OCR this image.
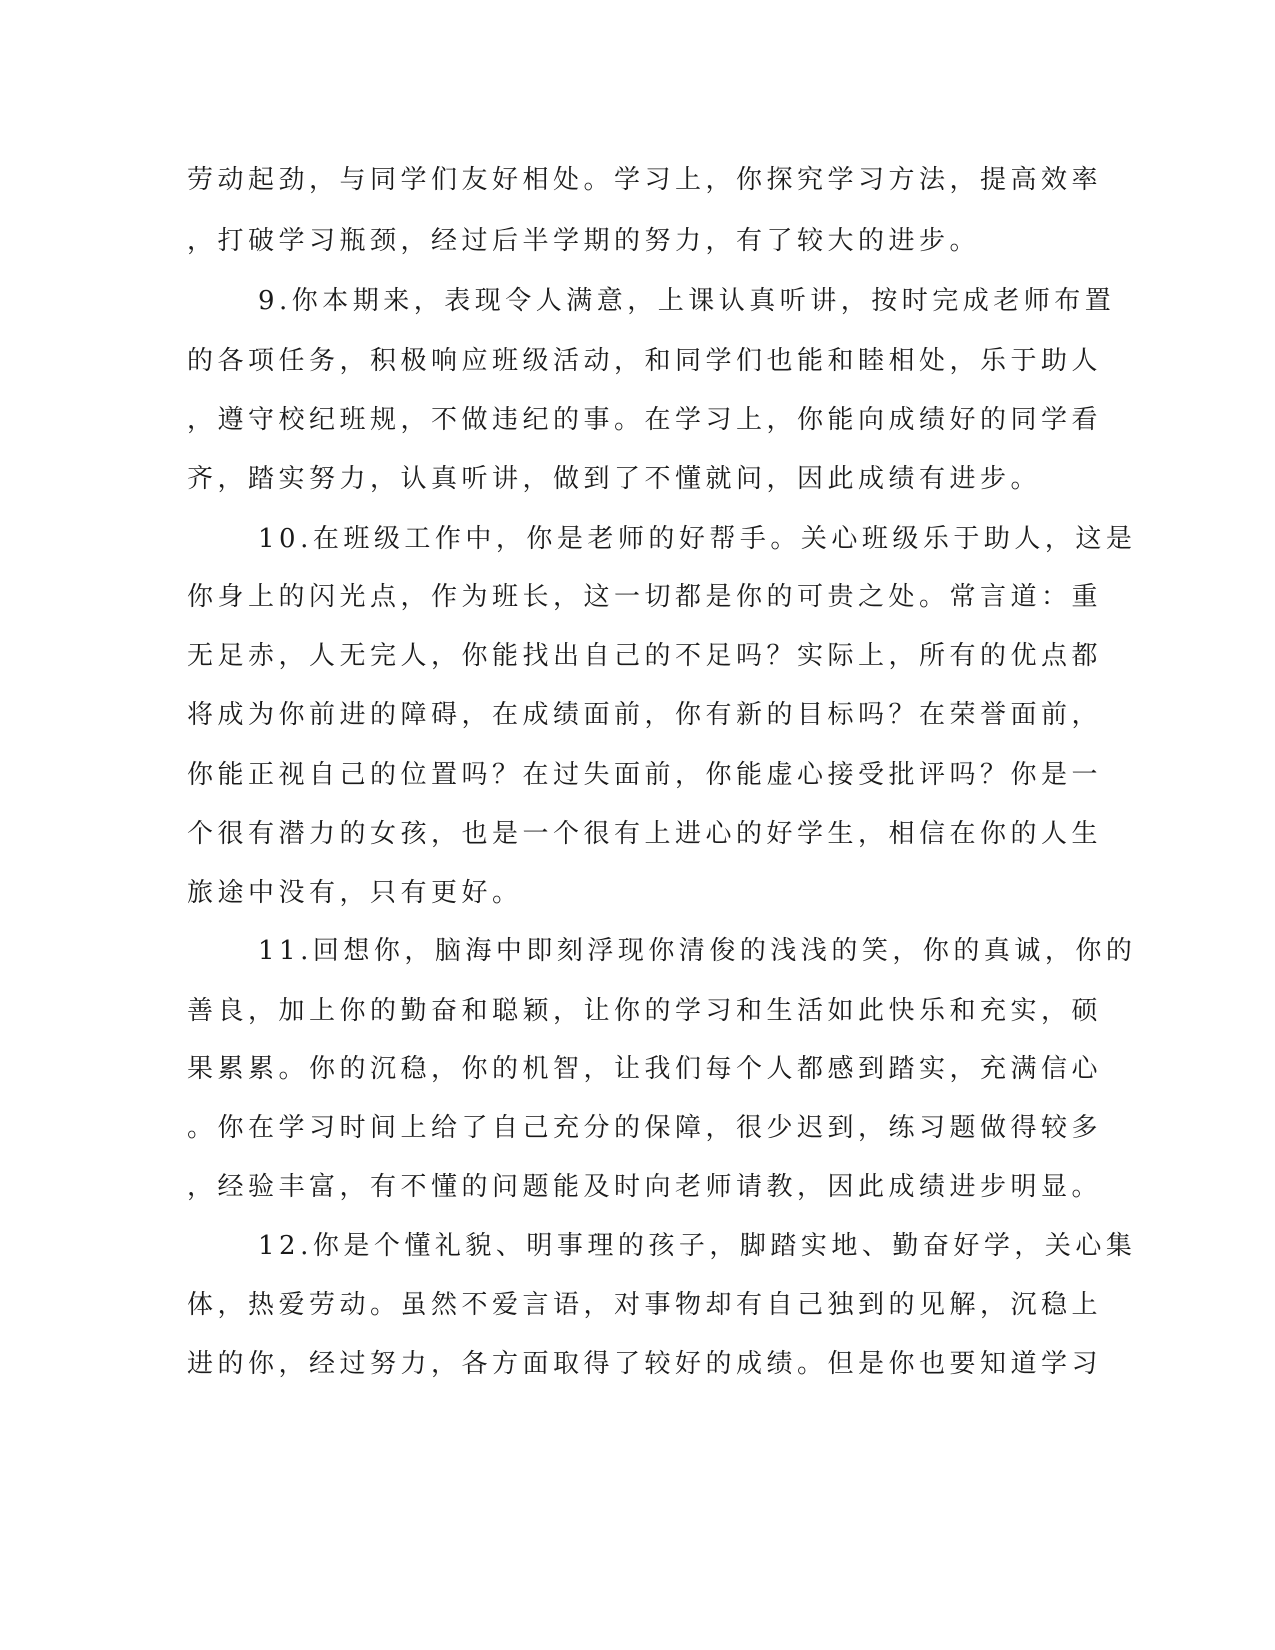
劳动起劲，与同学们友好相处。学习上，你探究学习方法，提高效率
，打破学习瓶颈，经过后半学期的努力，有了较大的进步。
9.你本期来，表现令人满意，上课认真听讲，按时完成老师布置
的各项任务，积极响应班级活动，和同学们也能和睦相处，乐于助人
，遵守校纪班规，不做违纪的事。在学习上，你能向成绩好的同学看
齐，踏实努力，认真听讲，做到了不懂就问，因此成绩有进步。
10.在班级工作中，你是老师的好帮手。关心班级乐于助人，这是
你身上的闪光点，作为班长，这一切都是你的可贵之处。常言道：重
无足赤，人无完人，你能找出自己的不足吗？实际上，所有的优点都
将成为你前进的障碍，在成绩面前，你有新的目标吗？在荣誉面前，
你能正视自己的位置吗？在过失面前，你能虚心接受批评吗？你是一
个很有潜力的女孩，也是一个很有上进心的好学生，相信在你的人生
旅途中没有，只有更好。
11.回想你，脑海中即刻浮现你清俊的浅浅的笑，你的真诚，你的
善良，加上你的勤奋和聪颖，让你的学习和生活如此快乐和充实，硕
果累累。你的沉稳，你的机智，让我们每个人都感到踏实，充满信心
。你在学习时间上给了自己充分的保障，很少迟到，练习题做得较多
，经验丰富，有不懂的问题能及时向老师请教，因此成绩进步明显。
12.你是个懂礼貌、明事理的孩子，脚踏实地、勤奋好学，关心集
体，热爱劳动。虽然不爱言语，对事物却有自己独到的见解，沉稳上
进的你，经过努力，各方面取得了较好的成绩。但是你也要知道学习
